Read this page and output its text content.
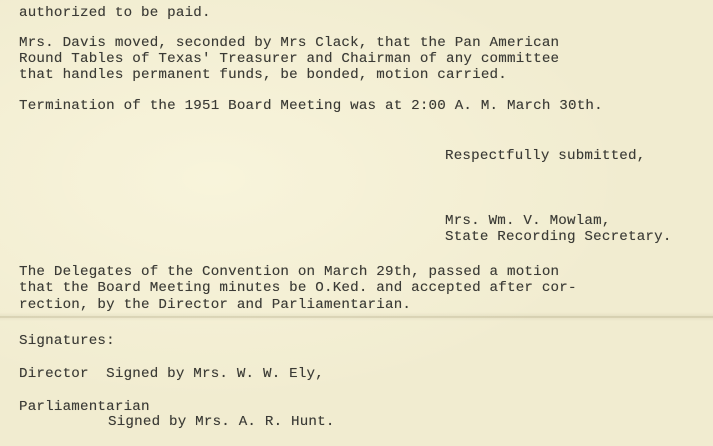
authorized to be paid.
Mrs. Davis moved, seconded by Mrs Clack, that the Pan American
Round Tables of Texas' Treasurer and Chairman of any committee
that handles permanent funds, be bonded, motion carried.
Termination of the 1951 Board Meeting was at 2:00 A. M. March 30th.
Respectfully submitted,
Mrs. Wm. V. Mowlam,
State Recording Secretary.
The Delegates of the Convention on March 29th, passed a motion
that the Board Meeting minutes be O.Ked. and accepted after cor-
rection, by the Director and Parliamentarian.
Signatures:
Director  Signed by Mrs. W. W. Ely,
Parliamentarian
Signed by Mrs. A. R. Hunt.
